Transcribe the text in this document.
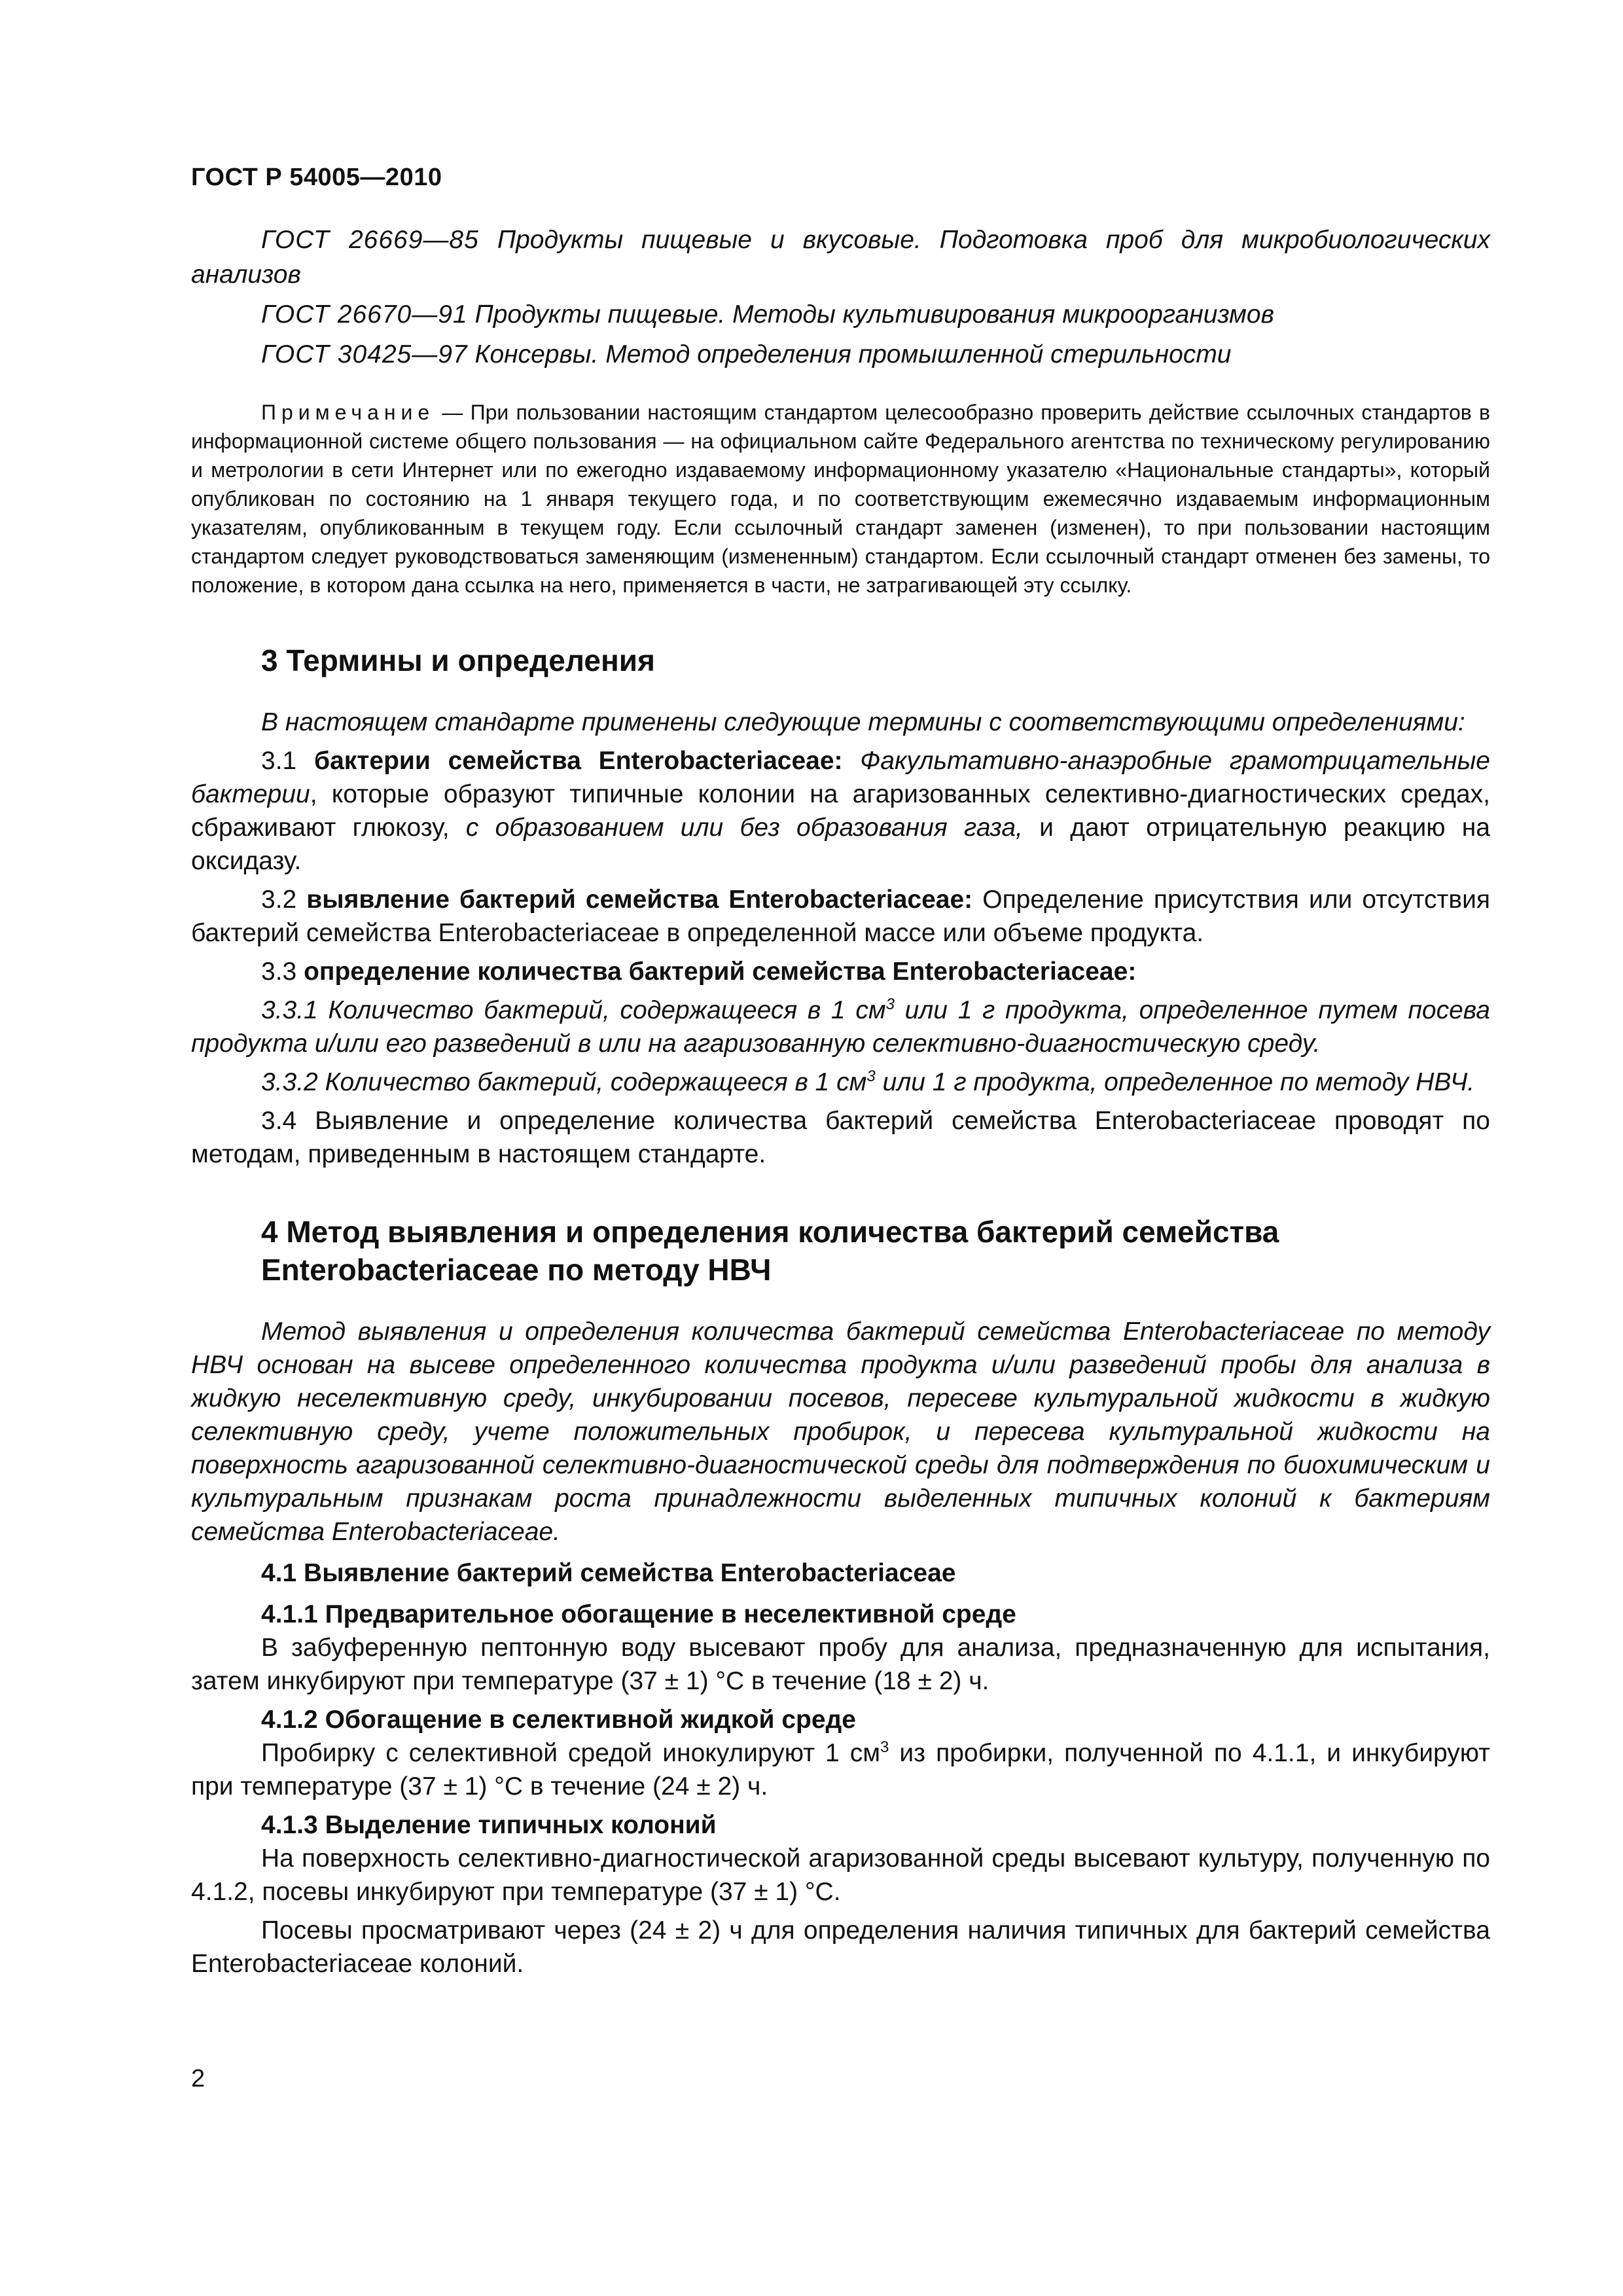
ГОСТ Р 54005—2010

ГОСТ 26669—85 Продукты пищевые и вкусовые. Подготовка проб для микробиологических анализов

ГОСТ 26670—91 Продукты пищевые. Методы культивирования микроорганизмов

ГОСТ 30425—97 Консервы. Метод определения промышленной стерильности

Примечание — При пользовании настоящим стандартом целесообразно проверить действие ссылочных стандартов в информационной системе общего пользования — на официальном сайте Федерального агентства по техническому регулированию и метрологии в сети Интернет или по ежегодно издаваемому информационному указателю «Национальные стандарты», который опубликован по состоянию на 1 января текущего года, и по соответствующим ежемесячно издаваемым информационным указателям, опубликованным в текущем году. Если ссылочный стандарт заменен (изменен), то при пользовании настоящим стандартом следует руководствоваться заменяющим (измененным) стандартом. Если ссылочный стандарт отменен без замены, то положение, в котором дана ссылка на него, применяется в части, не затрагивающей эту ссылку.

3 Термины и определения

В настоящем стандарте применены следующие термины с соответствующими определениями:

3.1 бактерии семейства Enterobacteriaceae: Факультативно-анаэробные грамотрицательные бактерии, которые образуют типичные колонии на агаризованных селективно-диагностических средах, сбраживают глюкозу, с образованием или без образования газа, и дают отрицательную реакцию на оксидазу.

3.2 выявление бактерий семейства Enterobacteriaceae: Определение присутствия или отсутствия бактерий семейства Enterobacteriaceae в определенной массе или объеме продукта.

3.3 определение количества бактерий семейства Enterobacteriaceae:

3.3.1 Количество бактерий, содержащееся в 1 $см^3$ или 1 г продукта, определенное путем посева продукта и/или его разведений в или на агаризованную селективно-диагностическую среду.

3.3.2 Количество бактерий, содержащееся в 1 $см^3$ или 1 г продукта, определенное по методу НВЧ.

3.4 Выявление и определение количества бактерий семейства Enterobacteriaceae проводят по методам, приведенным в настоящем стандарте.

4 Метод выявления и определения количества бактерий семейства
Enterobacteriaceae по методу НВЧ

Метод выявления и определения количества бактерий семейства Enterobacteriaceae по методу НВЧ основан на высеве определенного количества продукта и/или разведений пробы для анализа в жидкую неселективную среду, инкубировании посевов, пересеве культуральной жидкости в жидкую селективную среду, учете положительных пробирок, и пересева культуральной жидкости на поверхность агаризованной селективно-диагностической среды для подтверждения по биохимическим и культуральным признакам роста принадлежности выделенных типичных колоний к бактериям семейства Enterobacteriaceae.

4.1 Выявление бактерий семейства Enterobacteriaceae
4.1.1 Предварительное обогащение в неселективной среде

В забуференную пептонную воду высевают пробу для анализа, предназначенную для испытания, затем инкубируют при температуре (37 ± 1) °С в течение (18 ± 2) ч.

4.1.2 Обогащение в селективной жидкой среде

Пробирку с селективной средой инокулируют 1 $см^3$ из пробирки, полученной по 4.1.1, и инкубируют при температуре (37 ± 1) °С в течение (24 ± 2) ч.

4.1.3 Выделение типичных колоний

На поверхность селективно-диагностической агаризованной среды высевают культуру, полученную по 4.1.2, посевы инкубируют при температуре (37 ± 1) °С.

Посевы просматривают через (24 ± 2) ч для определения наличия типичных для бактерий семейства Enterobacteriaceae колоний.

2
